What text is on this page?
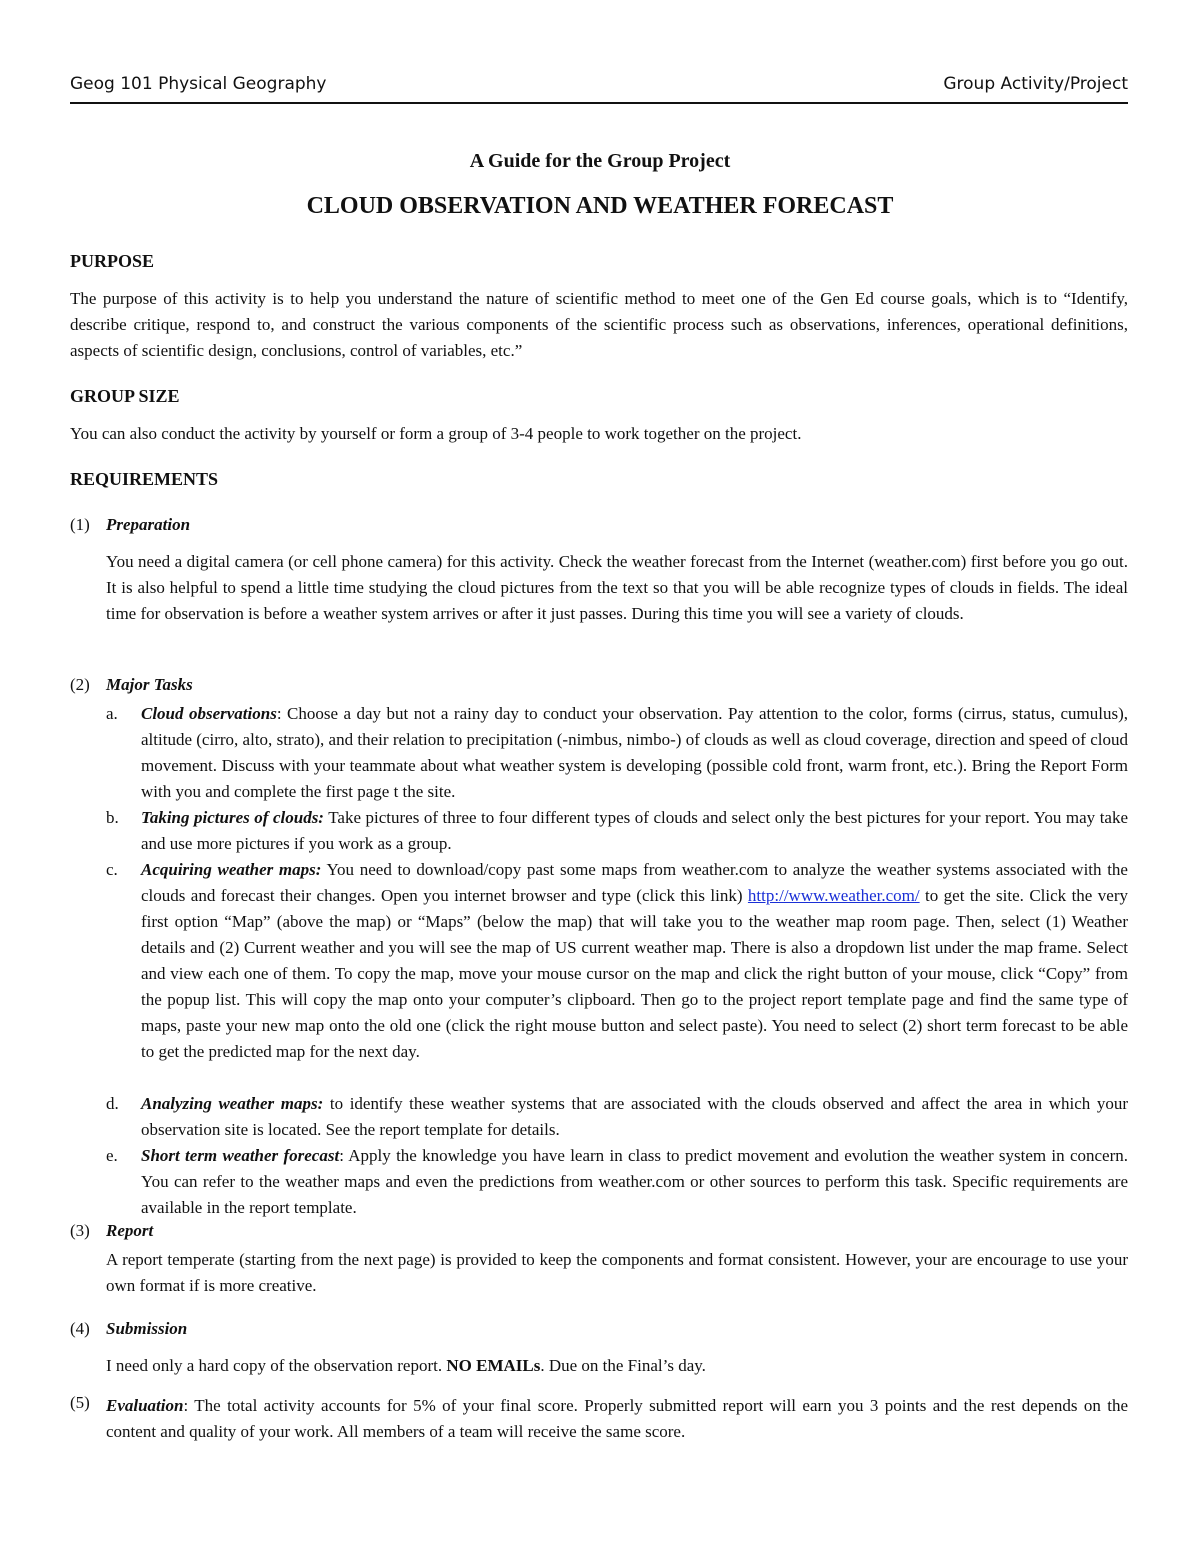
Geog 101 Physical Geography	Group Activity/Project
A Guide for the Group Project
CLOUD OBSERVATION AND WEATHER FORECAST
PURPOSE
The purpose of this activity is to help you understand the nature of scientific method to meet one of the Gen Ed course goals, which is to “Identify, describe critique, respond to, and construct the various components of the scientific process such as observations, inferences, operational definitions, aspects of scientific design, conclusions, control of variables, etc.”
GROUP SIZE
You can also conduct the activity by yourself or form a group of 3-4 people to work together on the project.
REQUIREMENTS
(1) Preparation
You need a digital camera (or cell phone camera) for this activity. Check the weather forecast from the Internet (weather.com) first before you go out. It is also helpful to spend a little time studying the cloud pictures from the text so that you will be able recognize types of clouds in fields. The ideal time for observation is before a weather system arrives or after it just passes. During this time you will see a variety of clouds.
(2) Major Tasks
a. Cloud observations: Choose a day but not a rainy day to conduct your observation. Pay attention to the color, forms (cirrus, status, cumulus), altitude (cirro, alto, strato), and their relation to precipitation (-nimbus, nimbo-) of clouds as well as cloud coverage, direction and speed of cloud movement. Discuss with your teammate about what weather system is developing (possible cold front, warm front, etc.). Bring the Report Form with you and complete the first page t the site.
b. Taking pictures of clouds: Take pictures of three to four different types of clouds and select only the best pictures for your report. You may take and use more pictures if you work as a group.
c. Acquiring weather maps: You need to download/copy past some maps from weather.com to analyze the weather systems associated with the clouds and forecast their changes. Open you internet browser and type (click this link) http://www.weather.com/ to get the site. Click the very first option “Map” (above the map) or “Maps” (below the map) that will take you to the weather map room page. Then, select (1) Weather details and (2) Current weather and you will see the map of US current weather map. There is also a dropdown list under the map frame. Select and view each one of them. To copy the map, move your mouse cursor on the map and click the right button of your mouse, click “Copy” from the popup list. This will copy the map onto your computer’s clipboard. Then go to the project report template page and find the same type of maps, paste your new map onto the old one (click the right mouse button and select paste). You need to select (2) short term forecast to be able to get the predicted map for the next day.
d. Analyzing weather maps: to identify these weather systems that are associated with the clouds observed and affect the area in which your observation site is located. See the report template for details.
e. Short term weather forecast: Apply the knowledge you have learn in class to predict movement and evolution the weather system in concern. You can refer to the weather maps and even the predictions from weather.com or other sources to perform this task. Specific requirements are available in the report template.
(3) Report
A report temperate (starting from the next page) is provided to keep the components and format consistent. However, your are encourage to use your own format if is more creative.
(4) Submission
I need only a hard copy of the observation report. NO EMAILs. Due on the Final’s day.
(5) Evaluation: The total activity accounts for 5% of your final score. Properly submitted report will earn you 3 points and the rest depends on the content and quality of your work. All members of a team will receive the same score.
